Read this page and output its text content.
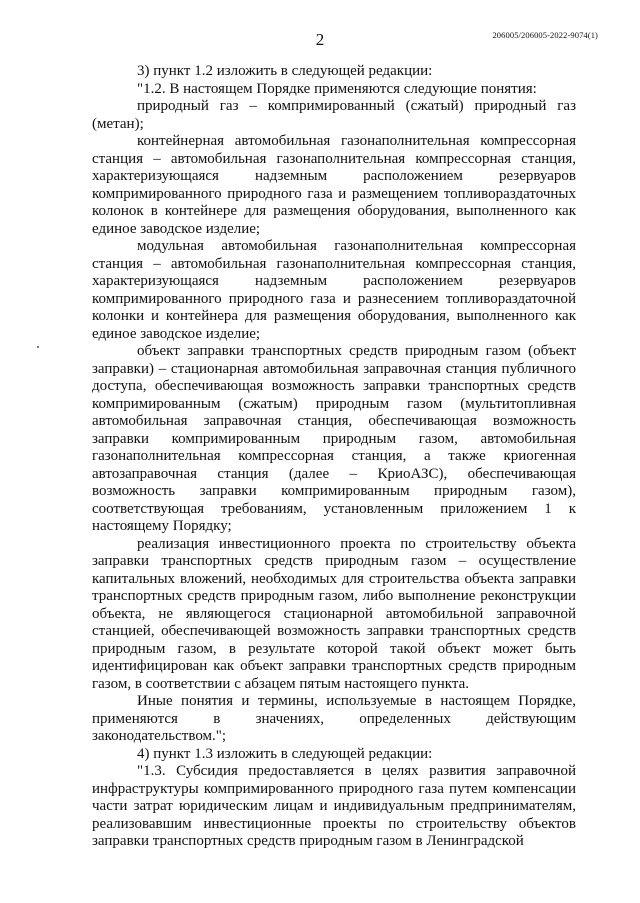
2	206005/206005-2022-9074(1)

3) пункт 1.2 изложить в следующей редакции:

"1.2. В настоящем Порядке применяются следующие понятия:

природный газ – компримированный (сжатый) природный газ (метан);

контейнерная автомобильная газонаполнительная компрессорная станция – автомобильная газонаполнительная компрессорная станция, характеризующаяся надземным расположением резервуаров компримированного природного газа и размещением топливораздаточных колонок в контейнере для размещения оборудования, выполненного как единое заводское изделие;

модульная автомобильная газонаполнительная компрессорная станция – автомобильная газонаполнительная компрессорная станция, характеризующаяся надземным расположением резервуаров компримированного природного газа и разнесением топливораздаточной колонки и контейнера для размещения оборудования, выполненного как единое заводское изделие;

объект заправки транспортных средств природным газом (объект заправки) – стационарная автомобильная заправочная станция публичного доступа, обеспечивающая возможность заправки транспортных средств компримированным (сжатым) природным газом (мультитопливная автомобильная заправочная станция, обеспечивающая возможность заправки компримированным природным газом, автомобильная газонаполнительная компрессорная станция, а также криогенная автозаправочная станция (далее – КриоАЗС), обеспечивающая возможность заправки компримированным природным газом), соответствующая требованиям, установленным приложением 1 к настоящему Порядку;

реализация инвестиционного проекта по строительству объекта заправки транспортных средств природным газом – осуществление капитальных вложений, необходимых для строительства объекта заправки транспортных средств природным газом, либо выполнение реконструкции объекта, не являющегося стационарной автомобильной заправочной станцией, обеспечивающей возможность заправки транспортных средств природным газом, в результате которой такой объект может быть идентифицирован как объект заправки транспортных средств природным газом, в соответствии с абзацем пятым настоящего пункта.

Иные понятия и термины, используемые в настоящем Порядке, применяются в значениях, определенных действующим законодательством.";

4) пункт 1.3 изложить в следующей редакции:

"1.3. Субсидия предоставляется в целях развития заправочной инфраструктуры компримированного природного газа путем компенсации части затрат юридическим лицам и индивидуальным предпринимателям, реализовавшим инвестиционные проекты по строительству объектов заправки транспортных средств природным газом в Ленинградской
